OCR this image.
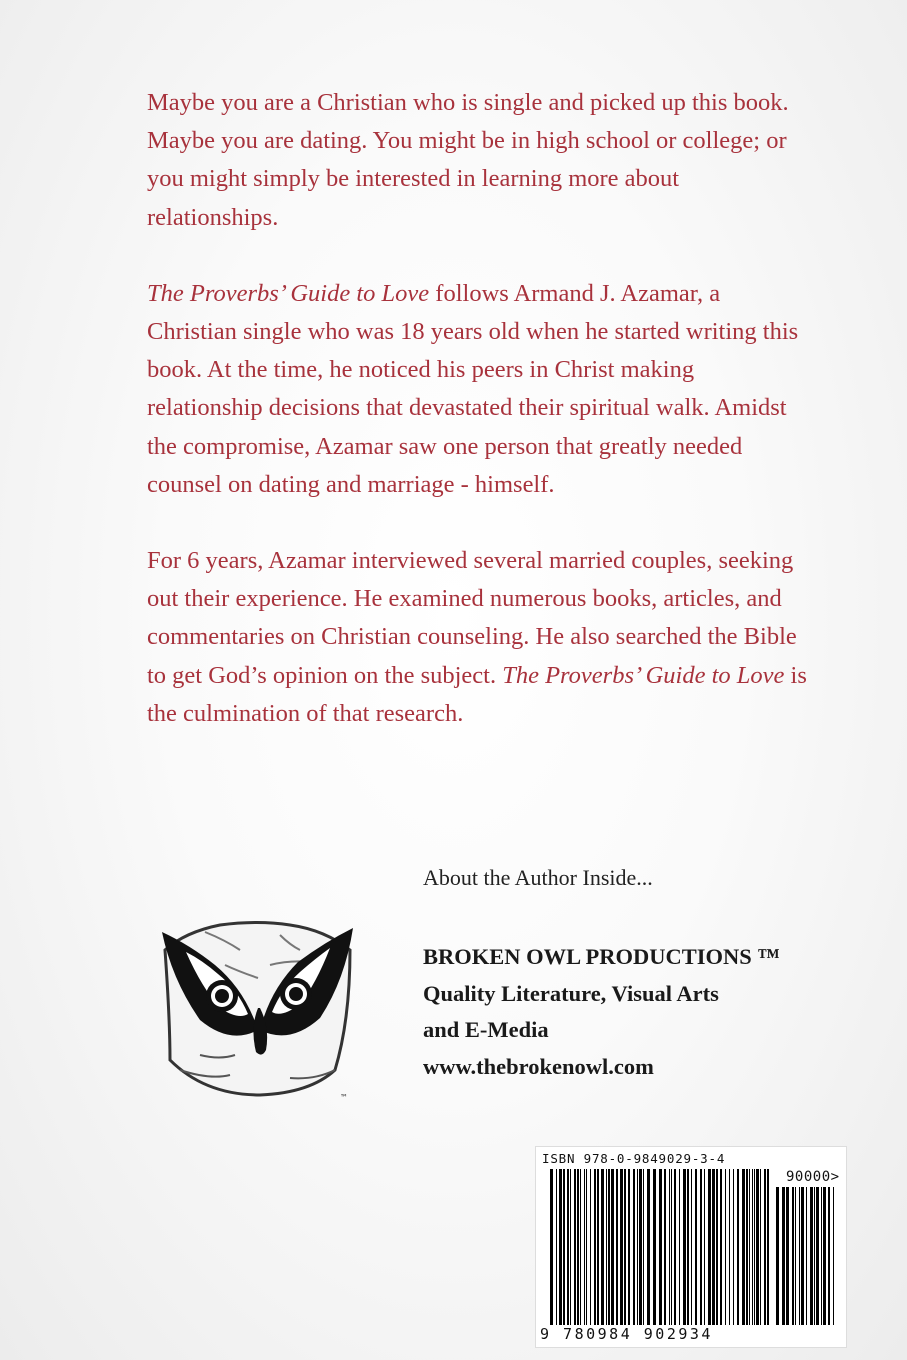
Maybe you are a Christian who is single and picked up this book. Maybe you are dating. You might be in high school or college; or you might simply be interested in learning more about relationships.

The Proverbs’ Guide to Love follows Armand J. Azamar, a Christian single who was 18 years old when he started writing this book. At the time, he noticed his peers in Christ making relationship decisions that devastated their spiritual walk. Amidst the compromise, Azamar saw one person that greatly needed counsel on dating and marriage - himself.

For 6 years, Azamar interviewed several married couples, seeking out their experience. He examined numerous books, articles, and commentaries on Christian counseling. He also searched the Bible to get God’s opinion on the subject. The Proverbs’ Guide to Love is the culmination of that research.

About the Author Inside...
BROKEN OWL PRODUCTIONS ™
Quality Literature, Visual Arts
and E-Media
www.thebrokenowl.com
™
ISBN 978-0-9849029-3-4
90000>
9 780984 902934
